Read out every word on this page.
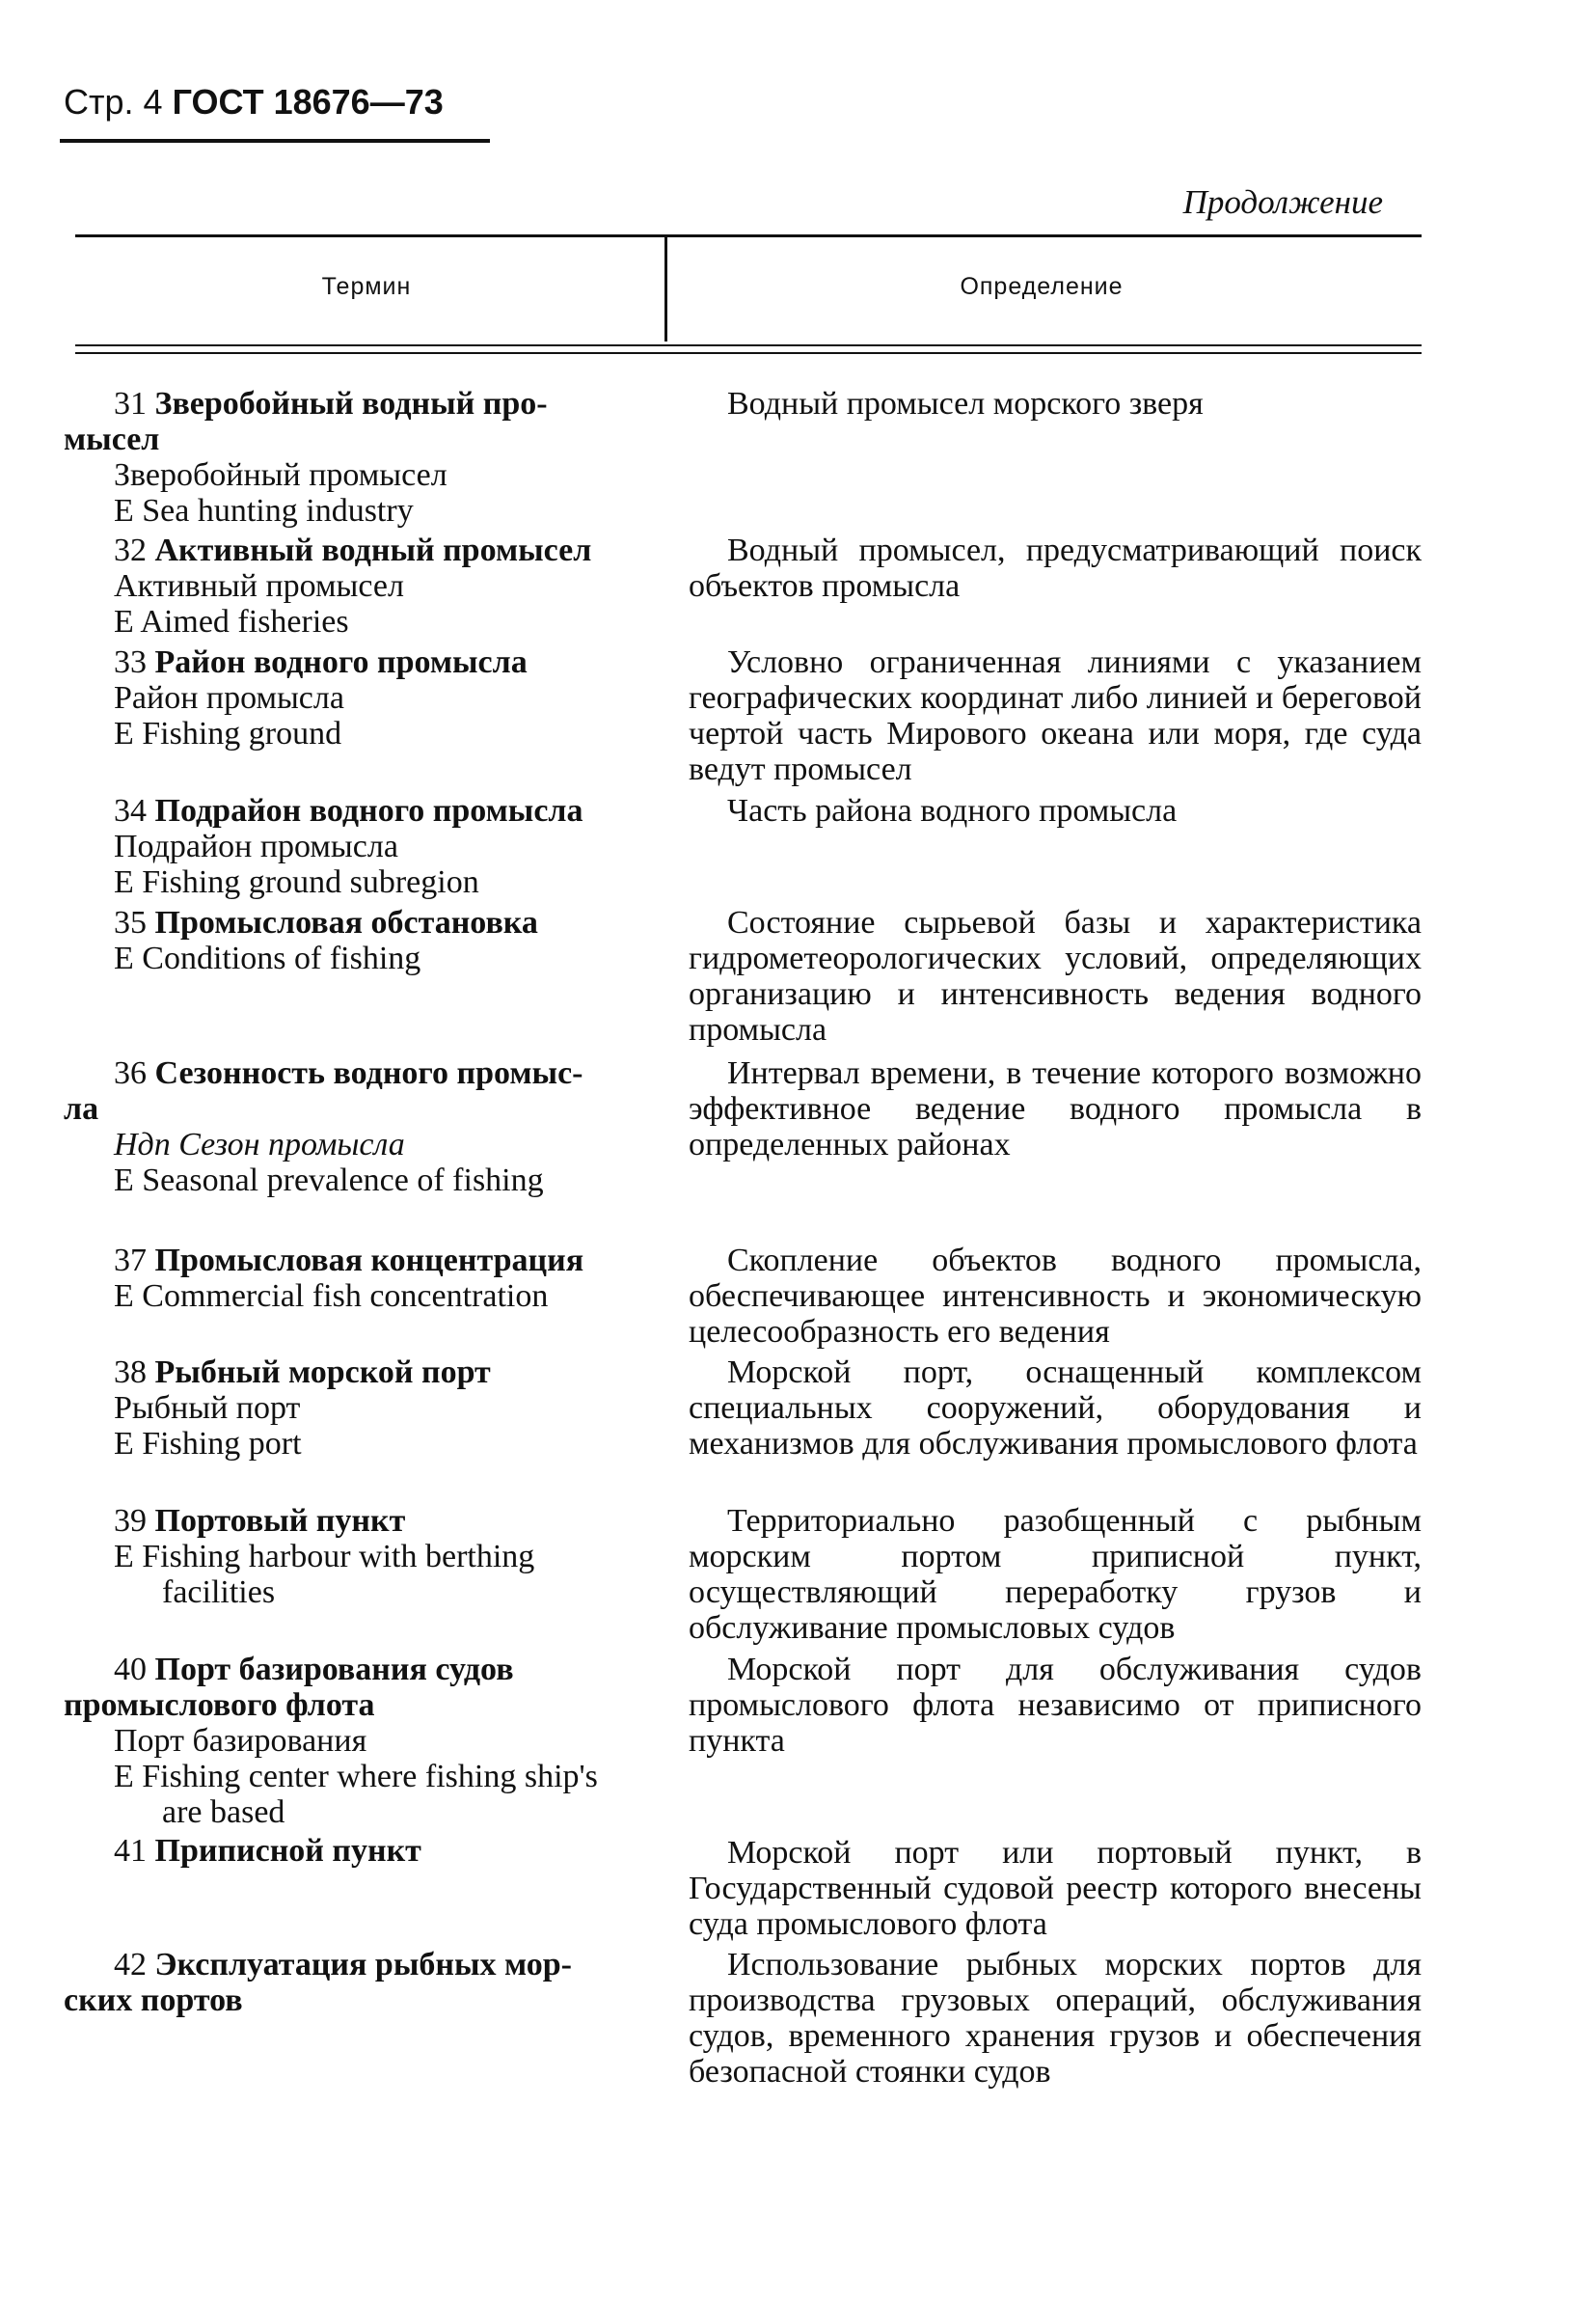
Стр. 4 ГОСТ 18676—73
Продолжение
Термин	Определение
31 Зверобойный водный про-
мысел
Зверобойный промысел
E Sea hunting industry
Водный промысел морского зверя
32 Активный водный промысел
Активный промысел
E Aimed fisheries
Водный промысел, предусматривающий поиск объектов промысла
33 Район водного промысла
Район промысла
E Fishing ground
Условно ограниченная линиями с указанием географических координат либо линией и береговой чертой часть Мирового океана или моря, где суда ведут промысел
34 Подрайон водного промысла
Подрайон промысла
E Fishing ground subregion
Часть района водного промысла
35 Промысловая обстановка
E Conditions of fishing
Состояние сырьевой базы и характеристика гидрометеорологических условий, определяющих организацию и интенсивность ведения водного промысла
36 Сезонность водного промыс-
ла
Ндп Сезон промысла
E Seasonal prevalence of fishing
Интервал времени, в течение которого возможно эффективное ведение водного промысла в определенных районах
37 Промысловая концентрация
E Commercial fish concentration
Скопление объектов водного промысла, обеспечивающее интенсивность и экономическую целесообразность его ведения
38 Рыбный морской порт
Рыбный порт
E Fishing port
Морской порт, оснащенный комплексом специальных сооружений, оборудования и механизмов для обслуживания промыслового флота
39 Портовый пункт
E Fishing harbour with berthing facilities
Территориально разобщенный с рыбным морским портом приписной пункт, осуществляющий переработку грузов и обслуживание промысловых судов
40 Порт базирования судов
промыслового флота
Порт базирования
E Fishing center where fishing ship's are based
Морской порт для обслуживания судов промыслового флота независимо от приписного пункта
41 Приписной пункт	Морской порт или портовый пункт, в Государственный судовой реестр которого внесены суда промыслового флота
42 Эксплуатация рыбных мор-
ских портов
Использование рыбных морских портов для производства грузовых операций, обслуживания судов, временного хранения грузов и обеспечения безопасной стоянки судов
